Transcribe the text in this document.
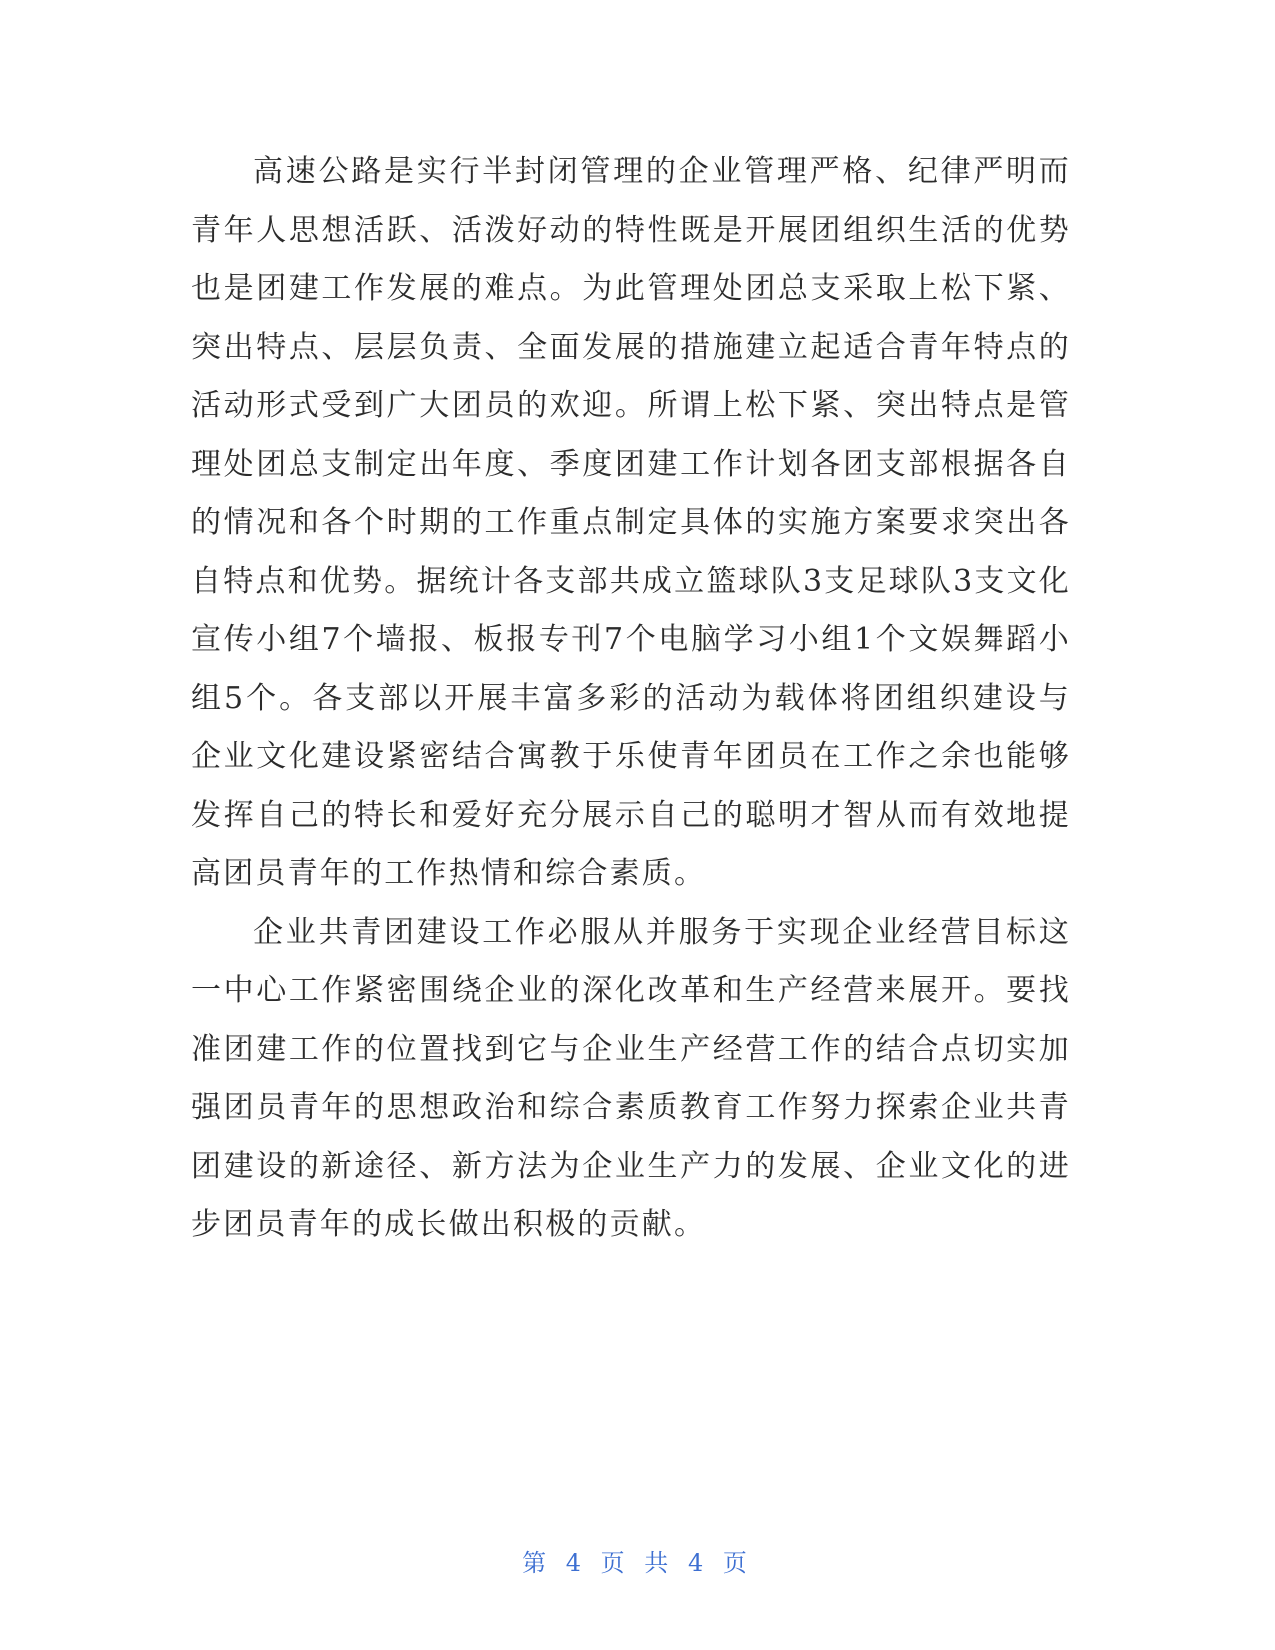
高速公路是实行半封闭管理的企业管理严格、纪律严明而青年人思想活跃、活泼好动的特性既是开展团组织生活的优势也是团建工作发展的难点。为此管理处团总支采取上松下紧、突出特点、层层负责、全面发展的措施建立起适合青年特点的活动形式受到广大团员的欢迎。所谓上松下紧、突出特点是管理处团总支制定出年度、季度团建工作计划各团支部根据各自的情况和各个时期的工作重点制定具体的实施方案要求突出各自特点和优势。据统计各支部共成立篮球队3支足球队3支文化宣传小组7个墙报、板报专刊7个电脑学习小组1个文娱舞蹈小组5个。各支部以开展丰富多彩的活动为载体将团组织建设与企业文化建设紧密结合寓教于乐使青年团员在工作之余也能够发挥自己的特长和爱好充分展示自己的聪明才智从而有效地提高团员青年的工作热情和综合素质。

企业共青团建设工作必服从并服务于实现企业经营目标这一中心工作紧密围绕企业的深化改革和生产经营来展开。要找准团建工作的位置找到它与企业生产经营工作的结合点切实加强团员青年的思想政治和综合素质教育工作努力探索企业共青团建设的新途径、新方法为企业生产力的发展、企业文化的进步团员青年的成长做出积极的贡献。

第 4 页 共 4 页
